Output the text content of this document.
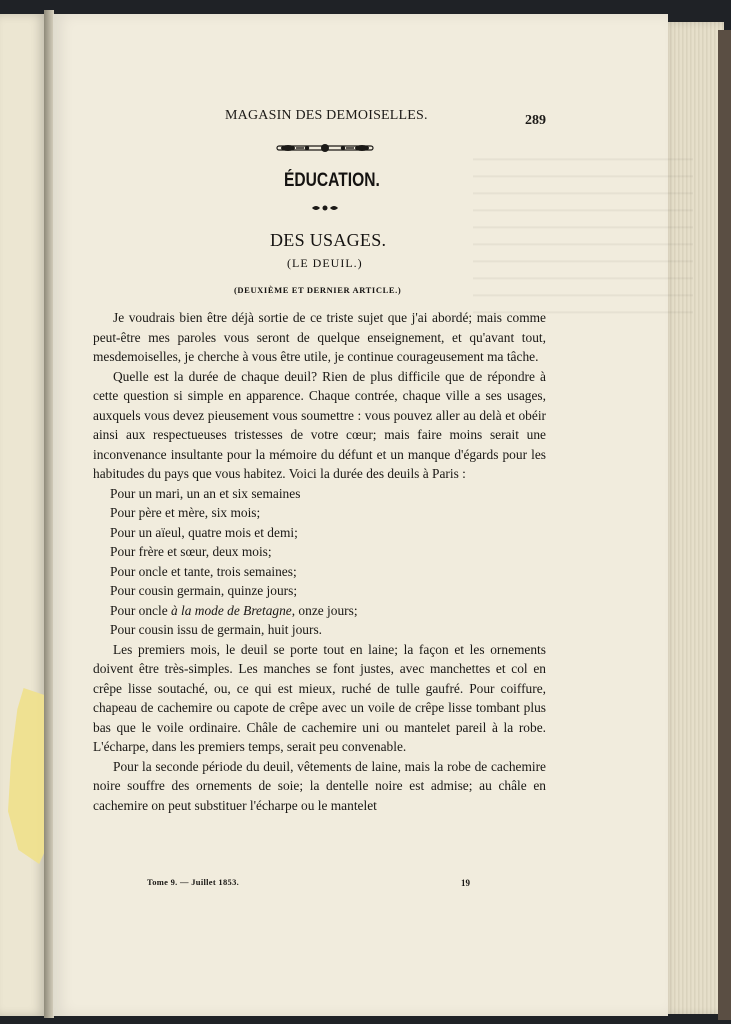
MAGASIN DES DEMOISELLES.	289
ÉDUCATION.
DES USAGES.
(LE DEUIL.)
(DEUXIÈME ET DERNIER ARTICLE.)

Je voudrais bien être déjà sortie de ce triste sujet que j'ai abordé; mais comme peut-être mes paroles vous seront de quelque enseignement, et qu'avant tout, mesdemoiselles, je cherche à vous être utile, je continue courageusement ma tâche.

Quelle est la durée de chaque deuil? Rien de plus difficile que de répondre à cette question si simple en apparence. Chaque contrée, chaque ville a ses usages, auxquels vous devez pieusement vous soumettre : vous pouvez aller au delà et obéir ainsi aux respectueuses tristesses de votre cœur; mais faire moins serait une inconvenance insultante pour la mémoire du défunt et un manque d'égards pour les habitudes du pays que vous habitez. Voici la durée des deuils à Paris :

Pour un mari, un an et six semaines
Pour père et mère, six mois;
Pour un aïeul, quatre mois et demi;
Pour frère et sœur, deux mois;
Pour oncle et tante, trois semaines;
Pour cousin germain, quinze jours;
Pour oncle à la mode de Bretagne, onze jours;
Pour cousin issu de germain, huit jours.

Les premiers mois, le deuil se porte tout en laine; la façon et les ornements doivent être très-simples. Les manches se font justes, avec manchettes et col en crêpe lisse soutaché, ou, ce qui est mieux, ruché de tulle gaufré. Pour coiffure, chapeau de cachemire ou capote de crêpe avec un voile de crêpe lisse tombant plus bas que le voile ordinaire. Châle de cachemire uni ou mantelet pareil à la robe. L'écharpe, dans les premiers temps, serait peu convenable.

Pour la seconde période du deuil, vêtements de laine, mais la robe de cachemire noire souffre des ornements de soie; la dentelle noire est admise; au châle en cachemire on peut substituer l'écharpe ou le mantelet

Tome 9. — Juillet 1853.	19
